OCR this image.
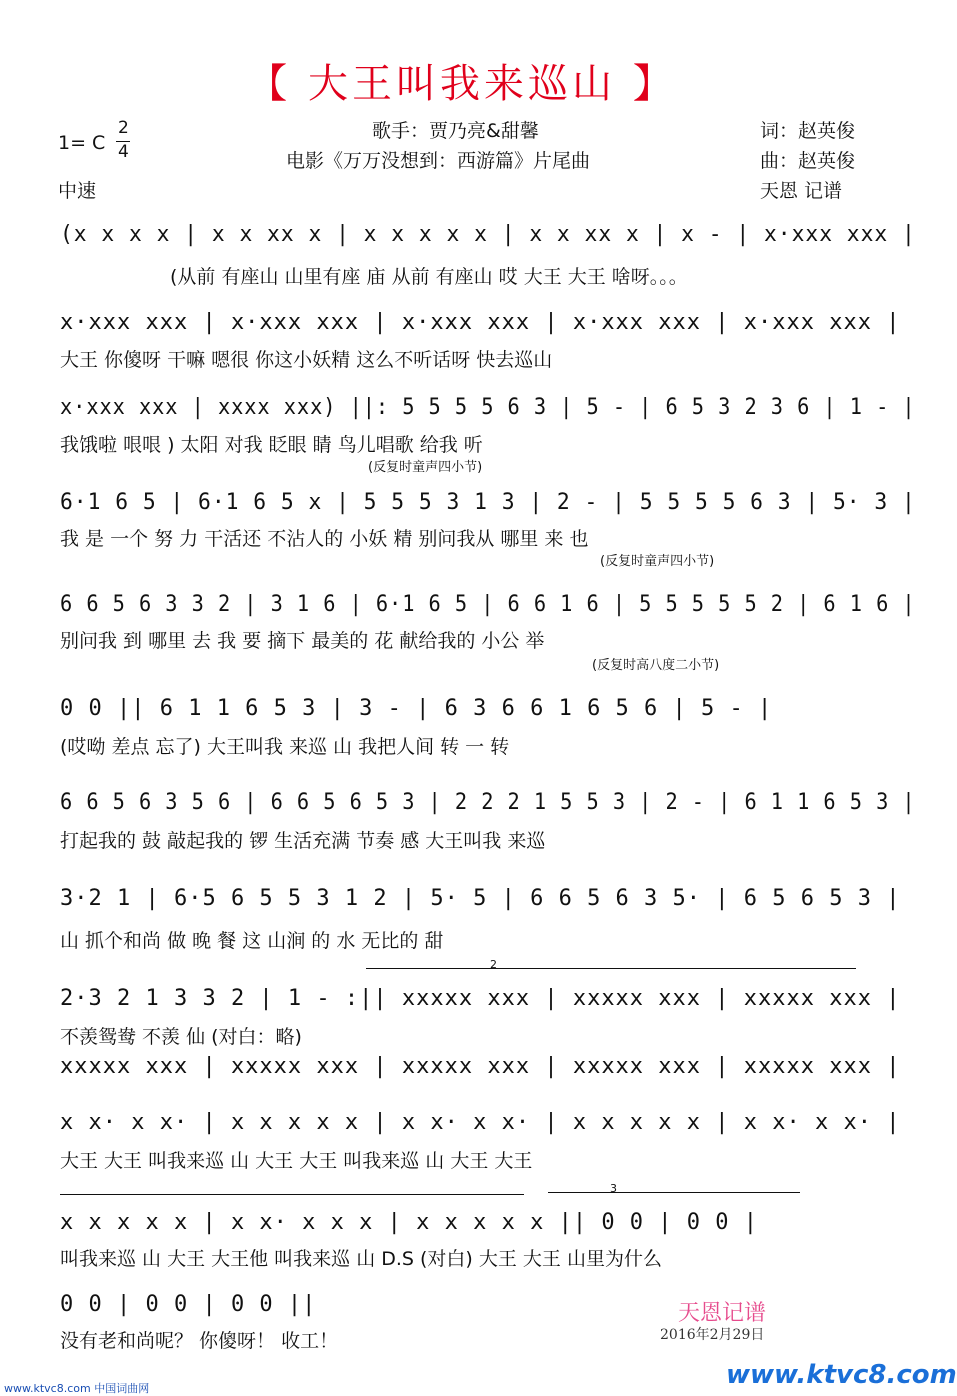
【 大王叫我来巡山 】
1= C
2
4
中速
歌手：贾乃亮&甜馨
电影《万万没想到：西游篇》片尾曲
词：赵英俊
曲：赵英俊
天恩 记谱
(x x x x | x x xx x | x x x x x | x x xx x | x - | x·xxx xxx |
(从前 有座山 山里有座 庙 从前 有座山 哎 大王 大王 啥呀。。。
x·xxx xxx | x·xxx xxx | x·xxx xxx | x·xxx xxx | x·xxx xxx |
大王 你傻呀 干嘛 嗯很 你这小妖精 这么不听话呀 快去巡山
x·xxx xxx | xxxx xxx) ||: 5 5 5 5 6 3 | 5 - | 6 5 3 2 3 6 | 1 - |
我饿啦 哏哏 ) 太阳 对我 眨眼 睛 鸟儿唱歌 给我 听
(反复时童声四小节)
6·1 6 5 | 6·1 6 5 x | 5 5 5 3 1 3 | 2 - | 5 5 5 5 6 3 | 5· 3 |
我 是 一个 努 力 干活还 不沾人的 小妖 精 别问我从 哪里 来 也
(反复时童声四小节)
6 6 5 6 3 3 2 | 3 1 6 | 6·1 6 5 | 6 6 1 6 | 5 5 5 5 5 2 | 6 1 6 |
别问我 到 哪里 去 我 要 摘下 最美的 花 献给我的 小公 举
(反复时高八度二小节)
0 0 || 6 1 1 6 5 3 | 3 - | 6 3 6 6 1 6 5 6 | 5 - |
(哎呦 差点 忘了) 大王叫我 来巡 山 我把人间 转 一 转
6 6 5 6 3 5 6 | 6 6 5 6 5 3 | 2 2 2 1 5 5 3 | 2 - | 6 1 1 6 5 3 |
打起我的 鼓 敲起我的 锣 生活充满 节奏 感 大王叫我 来巡
3·2 1 | 6·5 6 5 5 3 1 2 | 5· 5 | 6 6 5 6 3 5· | 6 5 6 5 3 |
山 抓个和尚 做 晚 餐 这 山涧 的 水 无比的 甜
2
2·3 2 1 3 3 2 | 1 - :|| xxxxx xxx | xxxxx xxx | xxxxx xxx |
不羡鸳鸯 不羡 仙 (对白：略)
xxxxx xxx | xxxxx xxx | xxxxx xxx | xxxxx xxx | xxxxx xxx |
x x· x x· | x x x x x | x x· x x· | x x x x x | x x· x x· |
大王 大王 叫我来巡 山 大王 大王 叫我来巡 山 大王 大王
3
x x x x x | x x· x x x | x x x x x || 0 0 | 0 0 |
叫我来巡 山 大王 大王他 叫我来巡 山 D.S (对白) 大王 大王 山里为什么
0 0 | 0 0 | 0 0 ||
没有老和尚呢？ 你傻呀！ 收工！
天恩记谱
2016年2月29日
www.ktvc8.com 中国词曲网	www.ktvc8.com
